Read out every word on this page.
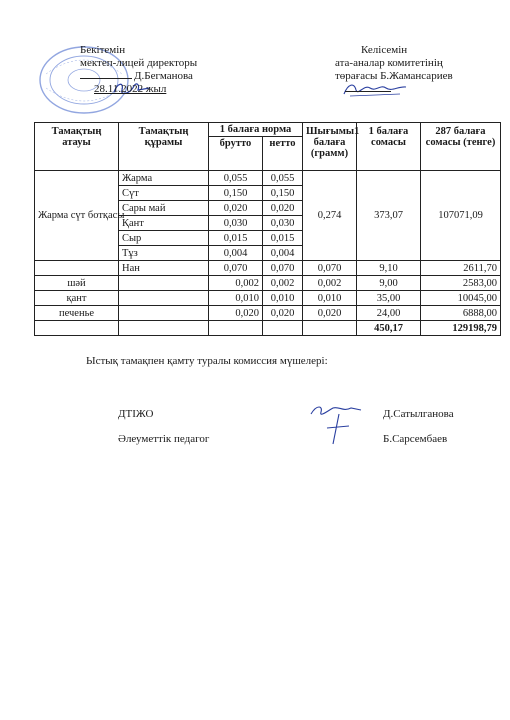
Бекітемін
мектеп-лицей директоры
Д.Бегманова
28.11.2022 жыл
Келісемін
ата-аналар комитетінің
төрағасы Б.Жамансариев
Тамақтың атауы	Тамақтың құрамы	1 балаға норма		Шығымы1 балаға (грамм)	1 балаға сомасы	287 балаға сомасы (тенге)
		брутто	нетто			
Жарма сүт ботқасы	Жарма	0,055	0,055	0,274	373,07	107071,09
	Сүт	0,150	0,150			
	Сары май	0,020	0,020			
	Қант	0,030	0,030			
	Сыр	0,015	0,015			
	Тұз	0,004	0,004			
	Нан	0,070	0,070	0,070	9,10	2611,70
шәй		0,002	0,002	0,002	9,00	2583,00
қант		0,010	0,010	0,010	35,00	10045,00
печенье		0,020	0,020	0,020	24,00	6888,00
					450,17	129198,79
Ыстық тамақпен қамту туралы комиссия мүшелері:
ДТІЖО	Д.Сатылганова
Әлеуметтік педагог	Б.Сарсембаев
